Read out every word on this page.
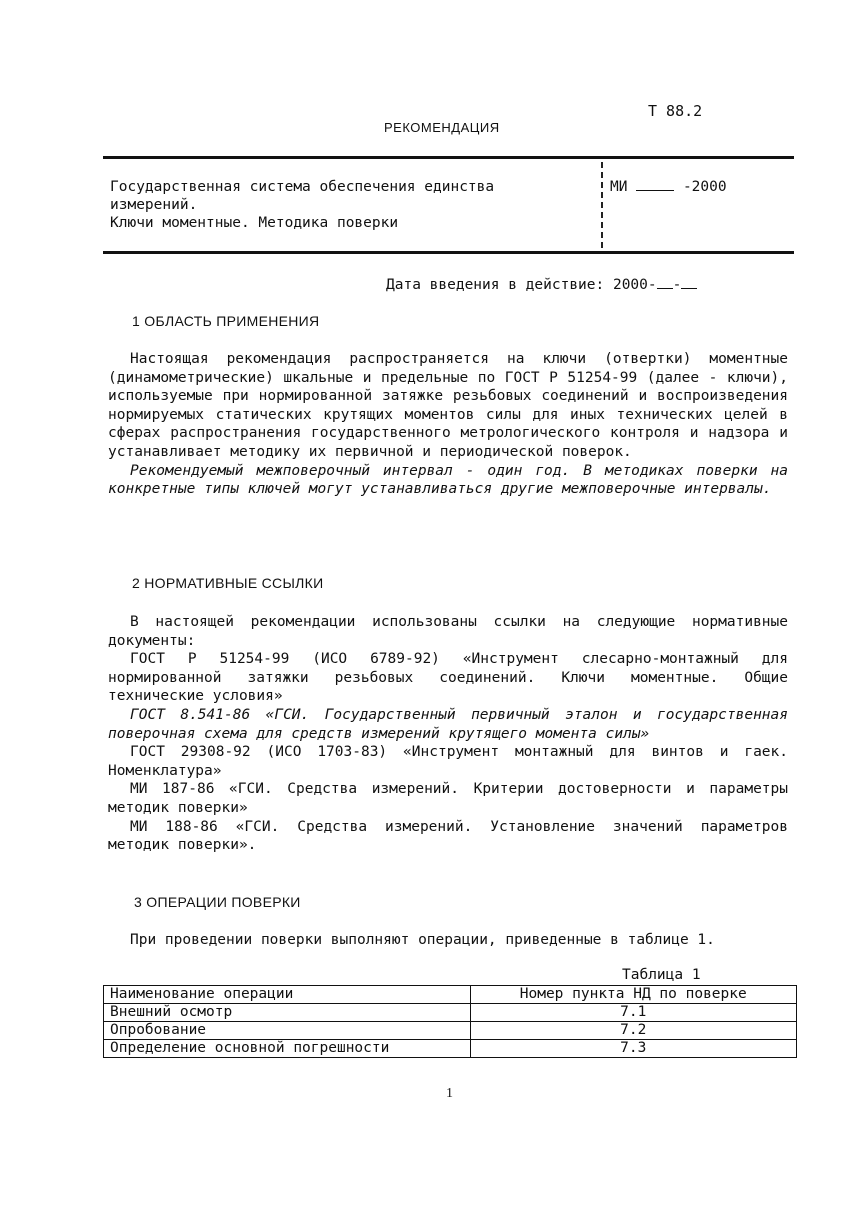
Т 88.2
РЕКОМЕНДАЦИЯ
Государственная система обеспечения единства
измерений.
Ключи моментные. Методика поверки
МИ	-2000
Дата введения в действие: 2000- -
1 ОБЛАСТЬ ПРИМЕНЕНИЯ

Настоящая рекомендация распространяется на ключи (отвертки) моментные (динамометрические) шкальные и предельные по ГОСТ Р 51254-99 (далее - ключи), используемые при нормированной затяжке резьбовых соединений и воспроизведения нормируемых статических крутящих моментов силы для иных технических целей в сферах распространения государственного метрологического контроля и надзора и устанавливает методику их первичной и периодической поверок.

Рекомендуемый межповерочный интервал - один год. В методиках поверки на конкретные типы ключей могут устанавливаться другие межповерочные интервалы.

2 НОРМАТИВНЫЕ ССЫЛКИ

В настоящей рекомендации использованы ссылки на следующие нормативные документы:

ГОСТ Р 51254-99 (ИСО 6789-92) «Инструмент слесарно-монтажный для нормированной затяжки резьбовых соединений. Ключи моментные. Общие технические условия»

ГОСТ 8.541-86 «ГСИ. Государственный первичный эталон и государственная поверочная схема для средств измерений крутящего момента силы»

ГОСТ 29308-92 (ИСО 1703-83) «Инструмент монтажный для винтов и гаек. Номенклатура»

МИ 187-86 «ГСИ. Средства измерений. Критерии достоверности и параметры методик поверки»

МИ 188-86 «ГСИ. Средства измерений. Установление значений параметров методик поверки».

3 ОПЕРАЦИИ ПОВЕРКИ

При проведении поверки выполняют операции, приведенные в таблице 1.

Таблица 1
Наименование операции	Номер пункта НД по поверке
Внешний осмотр	7.1
Опробование	7.2
Определение основной погрешности	7.3
1
